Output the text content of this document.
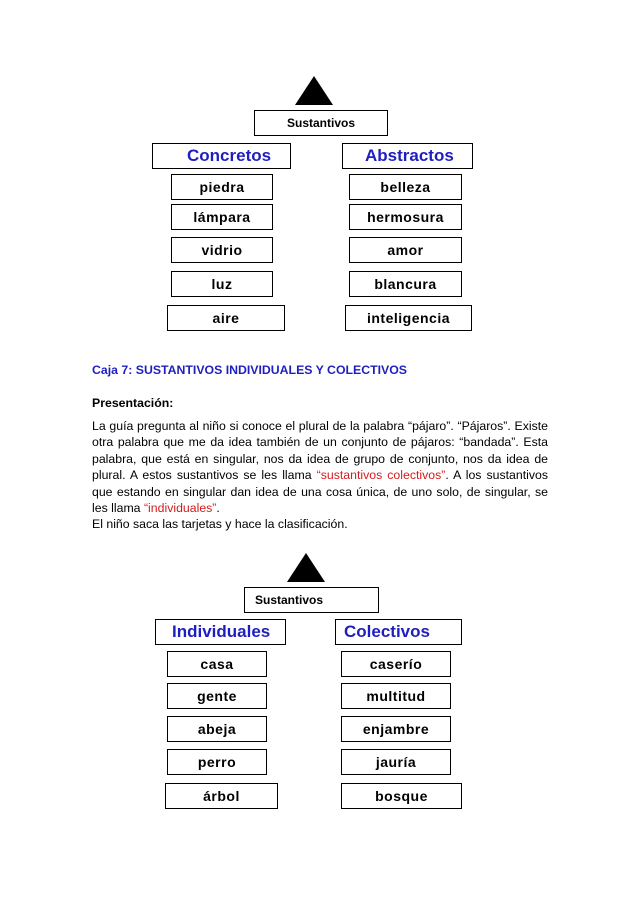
Sustantivos
Concretos	Abstractos
piedra
lámpara
vidrio
luz
aire
belleza
hermosura
amor
blancura
inteligencia
Caja 7: SUSTANTIVOS INDIVIDUALES Y COLECTIVOS
Presentación:
La guía pregunta al niño si conoce el plural de la palabra “pájaro”. “Pájaros”. Existe otra palabra que me da idea también de un conjunto de pájaros: “bandada”. Esta palabra, que está en singular, nos da idea de grupo de conjunto, nos da idea de plural. A estos sustantivos se les llama “sustantivos colectivos”. A los sustantivos que estando en singular dan idea de una cosa única, de uno solo, de singular, se les llama “individuales”.
El niño saca las tarjetas y hace la clasificación.
Sustantivos
Individuales	Colectivos
casa
gente
abeja
perro
árbol
caserío
multitud
enjambre
jauría
bosque
